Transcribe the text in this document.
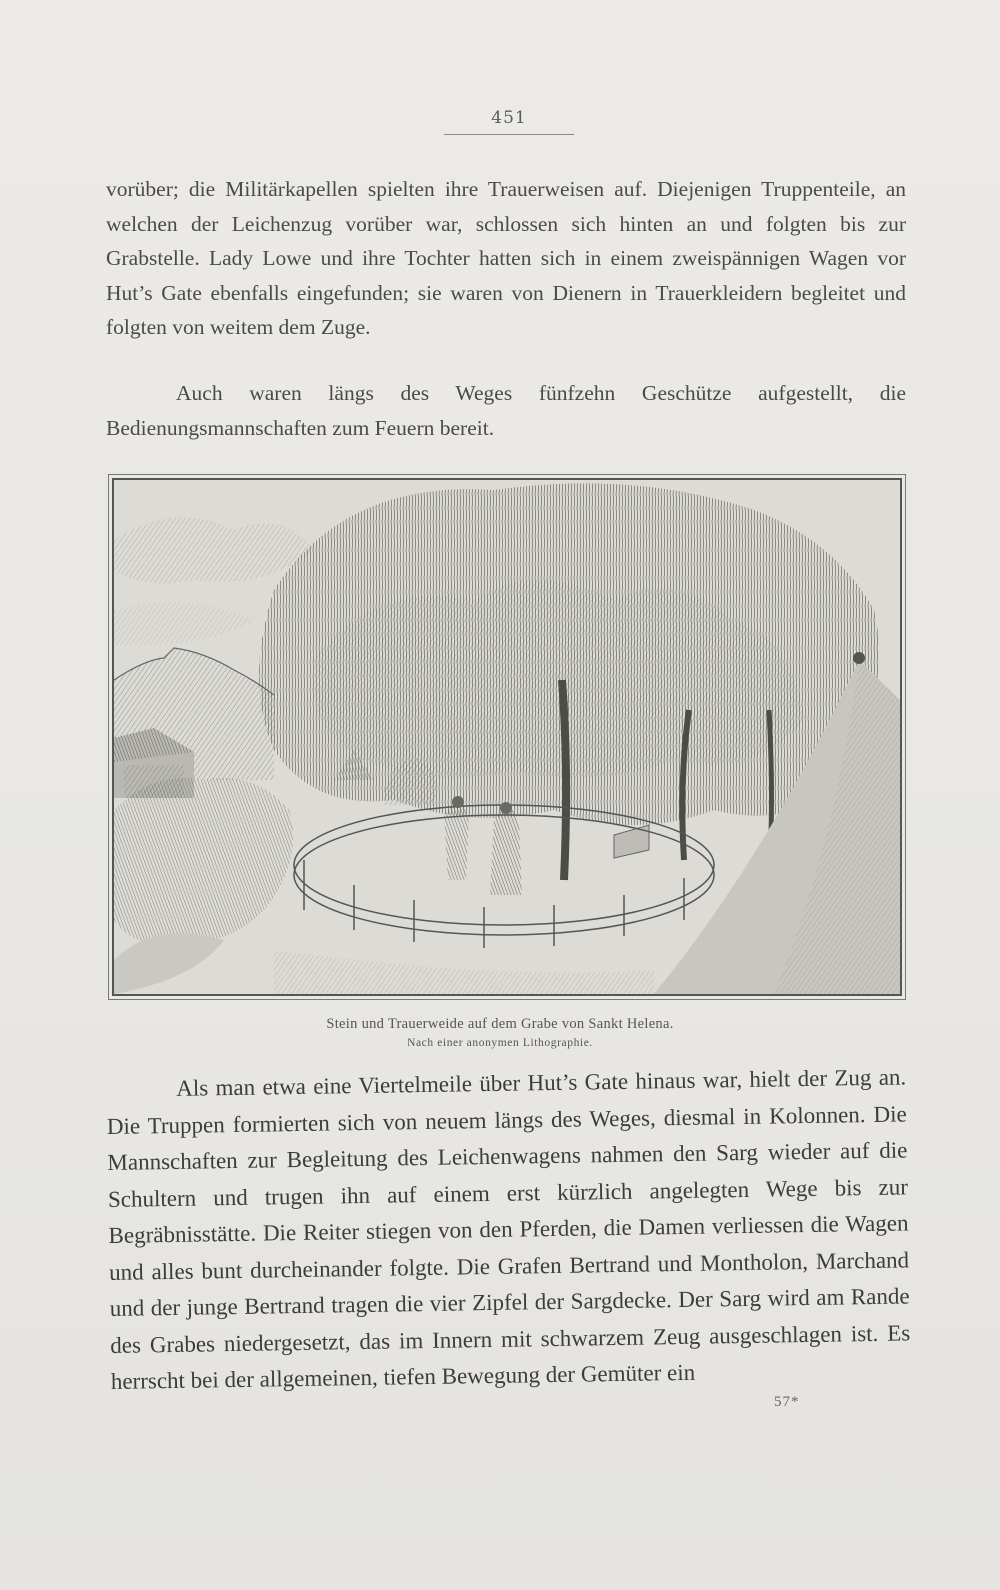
451

vorüber; die Militärkapellen spielten ihre Trauerweisen auf. Diejenigen Truppenteile, an welchen der Leichenzug vorüber war, schlossen sich hinten an und folgten bis zur Grabstelle. Lady Lowe und ihre Tochter hatten sich in einem zweispännigen Wagen vor Hut’s Gate ebenfalls eingefunden; sie waren von Dienern in Trauerkleidern begleitet und folgten von weitem dem Zuge.

Auch waren längs des Weges fünfzehn Geschütze aufgestellt, die Bedienungsmannschaften zum Feuern bereit.

Stein und Trauerweide auf dem Grabe von Sankt Helena.
Nach einer anonymen Lithographie.

Als man etwa eine Viertelmeile über Hut’s Gate hinaus war, hielt der Zug an. Die Truppen formierten sich von neuem längs des Weges, diesmal in Kolonnen. Die Mannschaften zur Begleitung des Leichenwagens nahmen den Sarg wieder auf die Schultern und trugen ihn auf einem erst kürzlich angelegten Wege bis zur Begräbnisstätte. Die Reiter stiegen von den Pferden, die Damen verliessen die Wagen und alles bunt durcheinander folgte. Die Grafen Bertrand und Montholon, Marchand und der junge Bertrand tragen die vier Zipfel der Sargdecke. Der Sarg wird am Rande des Grabes niedergesetzt, das im Innern mit schwarzem Zeug ausgeschlagen ist. Es herrscht bei der allgemeinen, tiefen Bewegung der Gemüter ein

57*
